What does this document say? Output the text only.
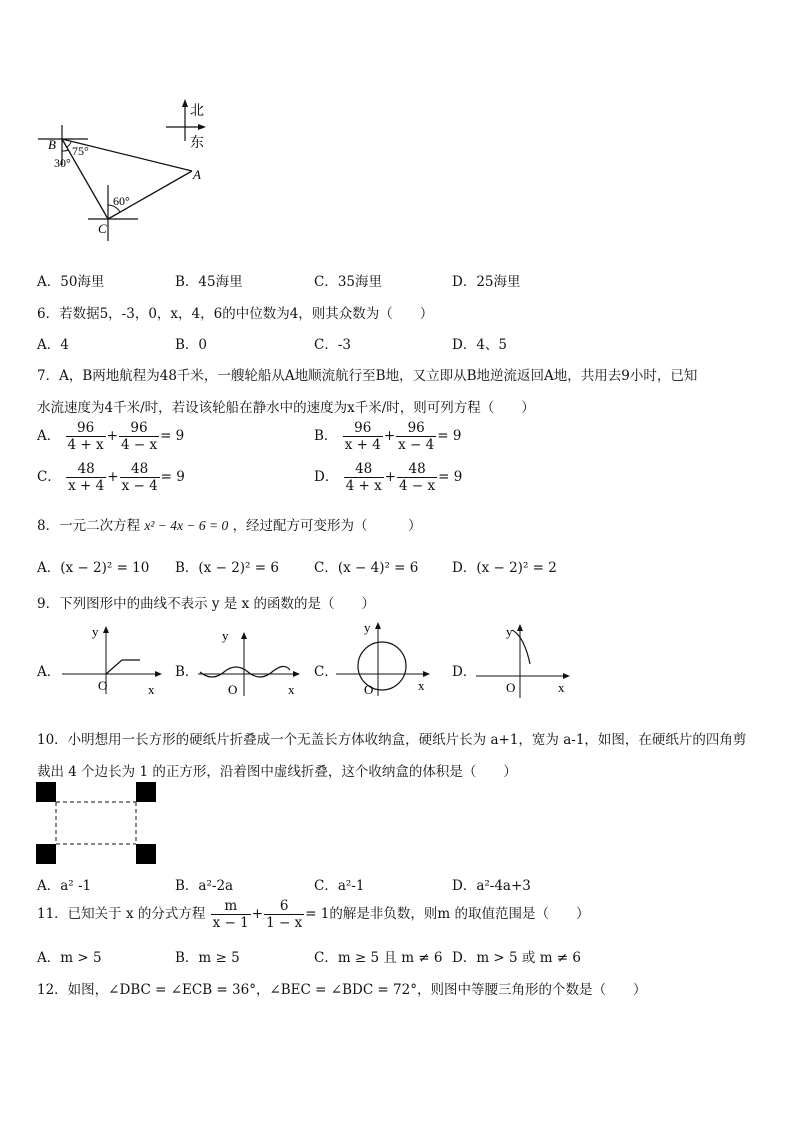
北
东
B
A
C
75°
30°
60°
A．50海里	B．45海里	C．35海里	D．25海里
6．若数据5，-3，0，x，4，6的中位数为4，则其众数为（　　）
A．4	B．0	C．-3	D．4、5
7．A，B两地航程为48千米，一艘轮船从A地顺流航行至B地，又立即从B地逆流返回A地，共用去9小时，已知
水流速度为4千米/时，若设该轮船在静水中的速度为x千米/时，则可列方程（　　）
A． $\frac{96}{4 + x} + \frac{96}{4 - x} = 9$	B． $\frac{96}{x + 4} + \frac{96}{x - 4} = 9$
C． $\frac{48}{x + 4} + \frac{48}{x - 4} = 9$	D． $\frac{48}{4 + x} + \frac{48}{4 - x} = 9$
8．一元二次方程 x² − 4x − 6 = 0 ，经过配方可变形为（　　　）
A．(x − 2)² = 10 B．(x − 2)² = 6	C．(x − 4)² = 6 D．(x − 2)² = 2
9．下列图形中的曲线不表示 y 是 x 的函数的是（　　）
A．
y
x
O
B．
y
x
O
C．
y
x
O
D．
y
x
O
10．小明想用一长方形的硬纸片折叠成一个无盖长方体收纳盒，硬纸片长为 a+1，宽为 a-1，如图，在硬纸片的四角剪
裁出 4 个边长为 1 的正方形，沿着图中虚线折叠，这个收纳盒的体积是（　　）
A．a² -1	B．a²-2a	C．a²-1	D．a²-4a+3
11．已知关于 x 的分式方程 $\frac{m}{x - 1} + \frac{6}{1 - x} = 1$的解是非负数，则m 的取值范围是（　　）
A．m > 5	B．m ≥ 5	C．m ≥ 5 且 m ≠ 6 D．m > 5 或 m ≠ 6
12．如图，∠DBC = ∠ECB = 36°，∠BEC = ∠BDC = 72°，则图中等腰三角形的个数是（　　）
